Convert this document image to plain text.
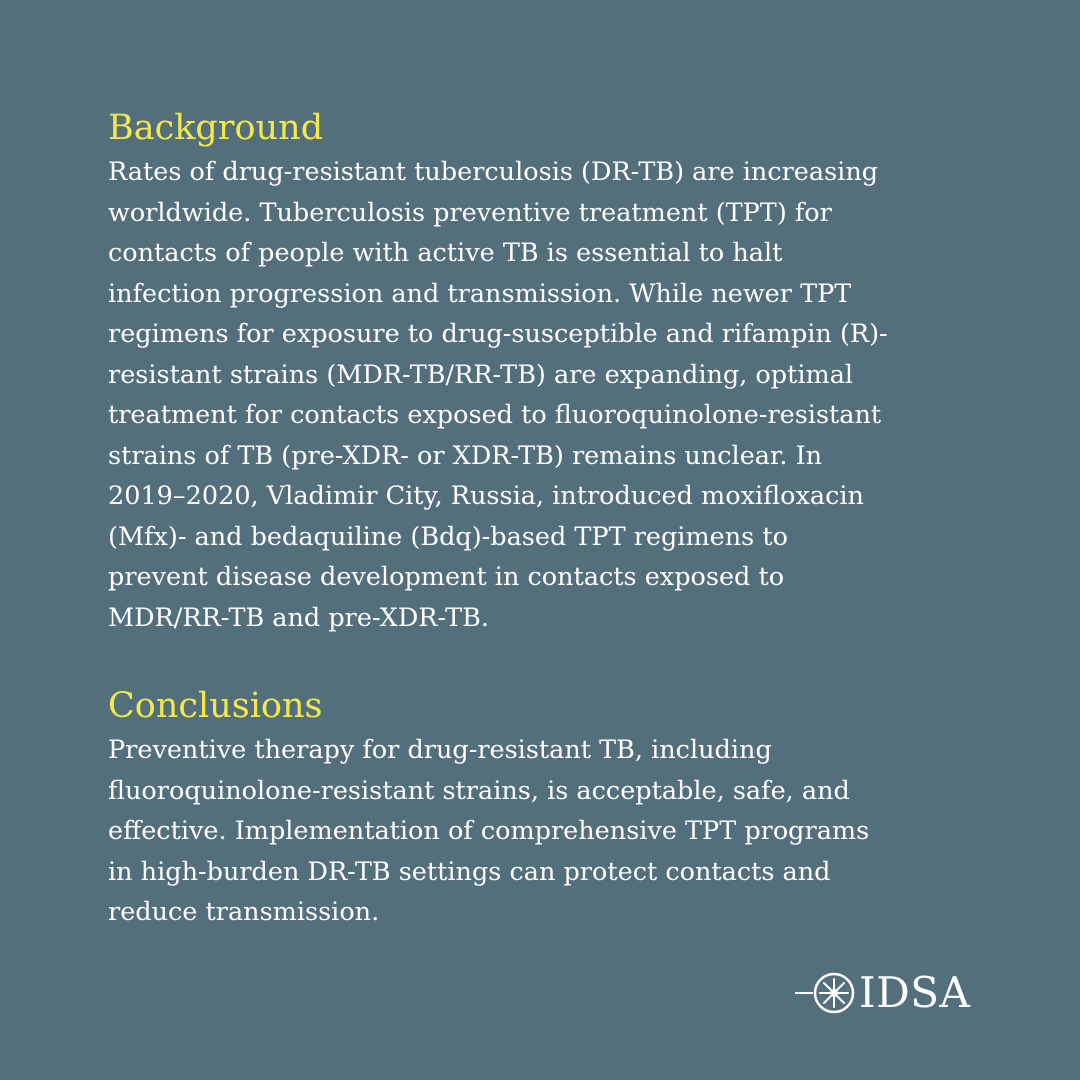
Background

Rates of drug-resistant tuberculosis (DR-TB) are increasing
worldwide. Tuberculosis preventive treatment (TPT) for
contacts of people with active TB is essential to halt
infection progression and transmission. While newer TPT
regimens for exposure to drug-susceptible and rifampin (R)-
resistant strains (MDR-TB/RR-TB) are expanding, optimal
treatment for contacts exposed to fluoroquinolone-resistant
strains of TB (pre-XDR- or XDR-TB) remains unclear. In
2019–2020, Vladimir City, Russia, introduced moxifloxacin
(Mfx)- and bedaquiline (Bdq)-based TPT regimens to
prevent disease development in contacts exposed to
MDR/RR-TB and pre-XDR-TB.

Conclusions

Preventive therapy for drug-resistant TB, including
fluoroquinolone-resistant strains, is acceptable, safe, and
effective. Implementation of comprehensive TPT programs
in high-burden DR-TB settings can protect contacts and
reduce transmission.

IDSA
